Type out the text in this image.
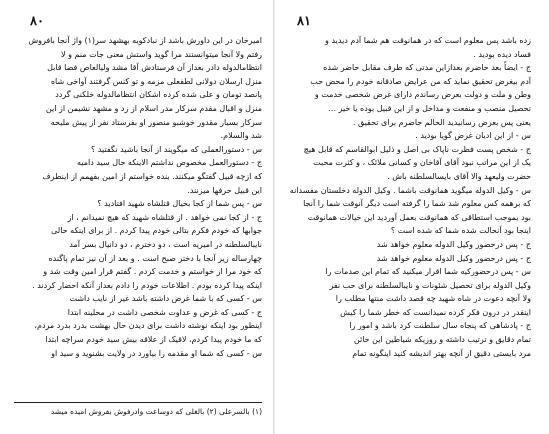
۸۰
امیرخان در این داورش باشد از نبادکوبه بهشهد سر(۱) واژ آنجا بافروش
رفتم ولا آنجا میتوانستند مرا گوید واستش معنی جات منم و لا
انتظامالدوله دادر بعداز آن فرستادش آقا مشد ولیالعاص فضا قابل
منزل ارسلان دولانی لطفعلی مزمه و تو کنس گرفتند آواخی شاه
پانصد تومان و علی شده کرده اشکان انتظامالدوله خلکنی گردد
منزل و اقبال مقدم سرکار مدر اسلام از زد و مشهد نشیمن از این
سرکار بسیار مقدور خوشبو منصور او بفرستاد نفر از پیش ملیحه
شد والسلام.
س - دستورالعملی که میگویند از آنجا باشید نگفتید ؟
ج - دستورالعمل مخصوص نداشتم الاینکه حال سید دامیه
که ازچه قبیل گفتگو میکنند. بنده خواستم از امین بفهمم از اینطرف
این قبیل حرفها میزنند.
س - پس شما از کجا بخیال قتلشاه شهید افتادید ؟
ج - از کجا نمی خواهد . از قتلشاه شهید که هیچ نمیدانم ، از
جوابها که خودم فکرم بتالی خودم پیدا کردم . از برای اینکه حالی
نایبالسلطنه در امیریه است ، دو دخترم ، دو دانیال بسر آمد
چهارساله زیر آنجا با دختر صبح است . و بعد از آن نیز تمام پاگنده
که خود مرا از خواستم و خدمت کردم . گفتم قرار امین وقت شد و
اینکه پیدا کرده بودم . اطلاعات خودم را دادم بعداز آنکه احضار کردند .
س - کسی که با شما غرض داشته باشد غیر از نایب داشت
ج - کسی که غرض و عداوت شخصی داشت در محلینه ابتدا
اینطور بود اینکه نوشته داشت برای دیدن حال بهشت بدرد بدرد مردم،
که ما خودم پیدا کردم، لاقیک از علاقه بیش سید خودم سراچه ابتدا
س - کسی که شما او مقدمه را بیاورد در ولایت بشنوید و سید او
(۱) بالسرعلی (۲) بالغلی که دوساعت وادرفوش بفروش امیده میشد
۸۱
زده باشد پس معلوم است که در همانوقت هم شما آدم دیدید و
فساد دیده بودید .
ج - ایضاً بعد حاضرم بعدازاین مدتی که طرف مقابل حاضر شده
آدم بیغرض تحقیق نماید که من عرایض صادقانه خودم را محض حب
وطن و ملت و دولت بعرض رساندم دارای غرض شخصی خدمت و
تحصیل منصب و منفعت و مداخل و از این قبیل بوده یا خیر ...
یعنی پس بعرض رسانیدید الحالم حاضرم برای تحقیق .
س - از این ادیان غرض گویا بودید .
ج - شخص پست فطرت ناپاک بی اصل و ذلیل ابوالقاسم که قابل هیچ
یک از این مراتب نبود آقای آقاخان و کسانی ملائک ، و کثرت محبت
حضرت ولیعهد والا آقای بایسالسلطنه باش .
س - وکیل الدوله میگوید همانوقت باشما . وکیل الدوله دخلستان مفسدانه
که برهمه کس معلوم شد شما را گرفته است دیگر آنوقت شما را آنجا
بود بموجب استطاقی که همانوقت بعمل آوردید این خیالات همانوقت
اینجا بود آنحالت شده شما که شده است ؟
ج - پس درحضور وکیل الدوله معلوم خواهد شد
ج - پس درحضور وکیل الدوله معلوم خواهد شد
س - پس درحضورکیه شما اقرار میکنید که تمام این صدمات را
وکیل الدوله برای تحصیل شئونات و نایبالسلطنه برای حب نفر
ولا آنچه دعوت در شاه شهید چه قصد داشت منتها مطلب را
اینقدر در درون فکر کرده نمیدانست که خطر شما را کیش
ج - پادشاهی که پنجاه سال سلطنت کرد باشد و امور را
تمام دقایق و ترتیب داشته و روزیکه شیاطین این خائن
مرد بایستی دقیق از آنچه بهتر اندیشه کنید اینگونه تمام
